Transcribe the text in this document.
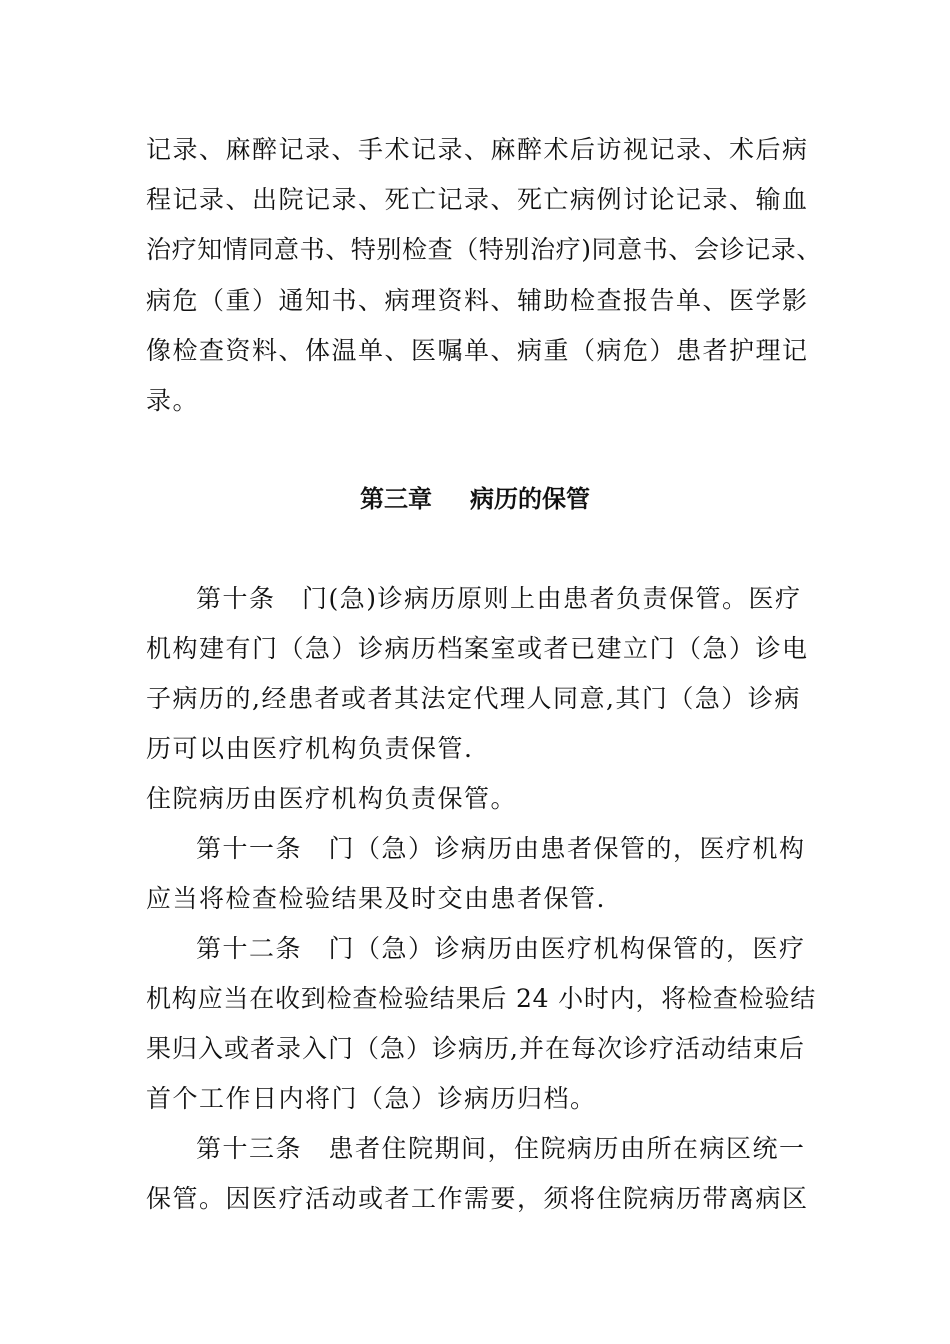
记录、麻醉记录、手术记录、麻醉术后访视记录、术后病
程记录、出院记录、死亡记录、死亡病例讨论记录、输血
治疗知情同意书、特别检查（特别治疗)同意书、会诊记录、
病危（重）通知书、病理资料、辅助检查报告单、医学影
像检查资料、体温单、医嘱单、病重（病危）患者护理记
录。
第三章 病历的保管
第十条　门(急)诊病历原则上由患者负责保管。医疗
机构建有门（急）诊病历档案室或者已建立门（急）诊电
子病历的,经患者或者其法定代理人同意,其门（急）诊病
历可以由医疗机构负责保管.
住院病历由医疗机构负责保管。
第十一条　门（急）诊病历由患者保管的，医疗机构
应当将检查检验结果及时交由患者保管.
第十二条　门（急）诊病历由医疗机构保管的，医疗
机构应当在收到检查检验结果后 24 小时内，将检查检验结
果归入或者录入门（急）诊病历,并在每次诊疗活动结束后
首个工作日内将门（急）诊病历归档。
第十三条　患者住院期间，住院病历由所在病区统一
保管。因医疗活动或者工作需要，须将住院病历带离病区
